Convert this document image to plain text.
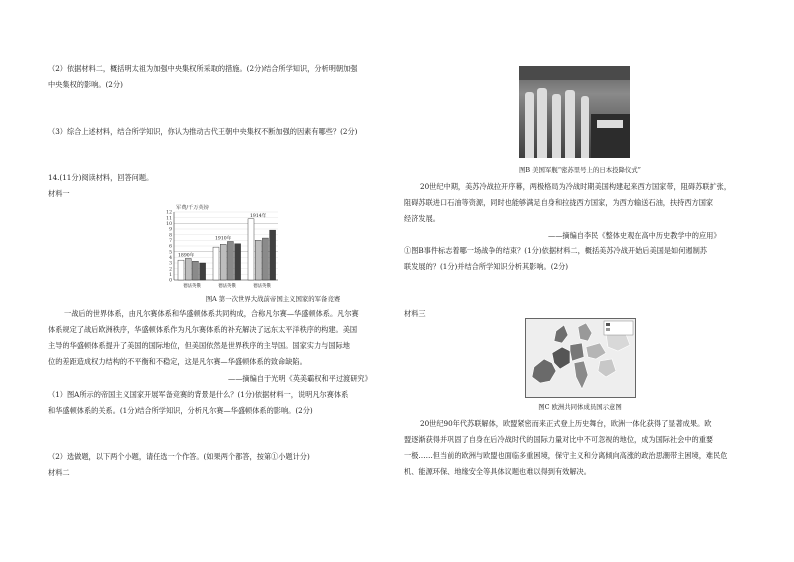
（2）依据材料二，概括明太祖为加强中央集权所采取的措施。(2分)结合所学知识，分析明朝加强
中央集权的影响。(2分)
（3）综合上述材料，结合所学知识，你认为推动古代王朝中央集权不断加强的因素有哪些？(2分)
14.(11分)阅读材料，回答问题。
材料一
军费/千万英镑
12
11
10
9
8
7
6
5
4
3
2
1
0
1890年
德法英俄
1910年
德法英俄
1914年
德法英俄
图A 第一次世界大战前帝国主义国家的军备竞赛
一战后的世界体系，由凡尔赛体系和华盛顿体系共同构成，合称凡尔赛—华盛顿体系。凡尔赛
体系规定了战后欧洲秩序，华盛顿体系作为凡尔赛体系的补充解决了远东太平洋秩序的构建。美国
主导的华盛顿体系提升了美国的国际地位，但美国依然是世界秩序的主导国。国家实力与国际地
位的差距造成权力结构的不平衡和不稳定，这是凡尔赛—华盛顿体系的致命缺陷。
——摘编自于光明《英美霸权和平过渡研究》
（1）图A所示的帝国主义国家开展军备竞赛的背景是什么？(1分)依据材料一，说明凡尔赛体系
和华盛顿体系的关系。(1分)结合所学知识，分析凡尔赛—华盛顿体系的影响。(2分)
（2）选做题，以下两个小题，请任选一个作答。(如果两个都答，按第①小题计分)
材料二
图B 美国军舰“密苏里号上的日本投降仪式”
20世纪中期，美苏冷战拉开序幕，两极格局为冷战时期美国构建起来西方国家带，阻碍苏联扩张，
阻碍苏联进口石油等资源，同时也能够满足自身和拉拢西方国家，为西方输送石油，扶持西方国家
经济发展。
——摘编自李民《整体史观在高中历史教学中的应用》
①图B事件标志着哪一场战争的结束？(1分)依据材料二，概括美苏冷战开始后美国是如何遏制苏
联发展的？(1分)并结合所学知识分析其影响。(2分)
材料三
图C 欧洲共同体成员国示意图
20世纪90年代苏联解体，欧盟紧密而来正式登上历史舞台，欧洲一体化获得了显著成果。欧
盟逐渐获得并巩固了自身在后冷战时代的国际力量对比中不可忽视的地位，成为国际社会中的重要
一极……但当前的欧洲与欧盟也面临多重困境，保守主义和分离倾向高涨的政治思潮带主困境，难民危
机、能源环保、地缘安全等具体议题也难以得到有效解决。
